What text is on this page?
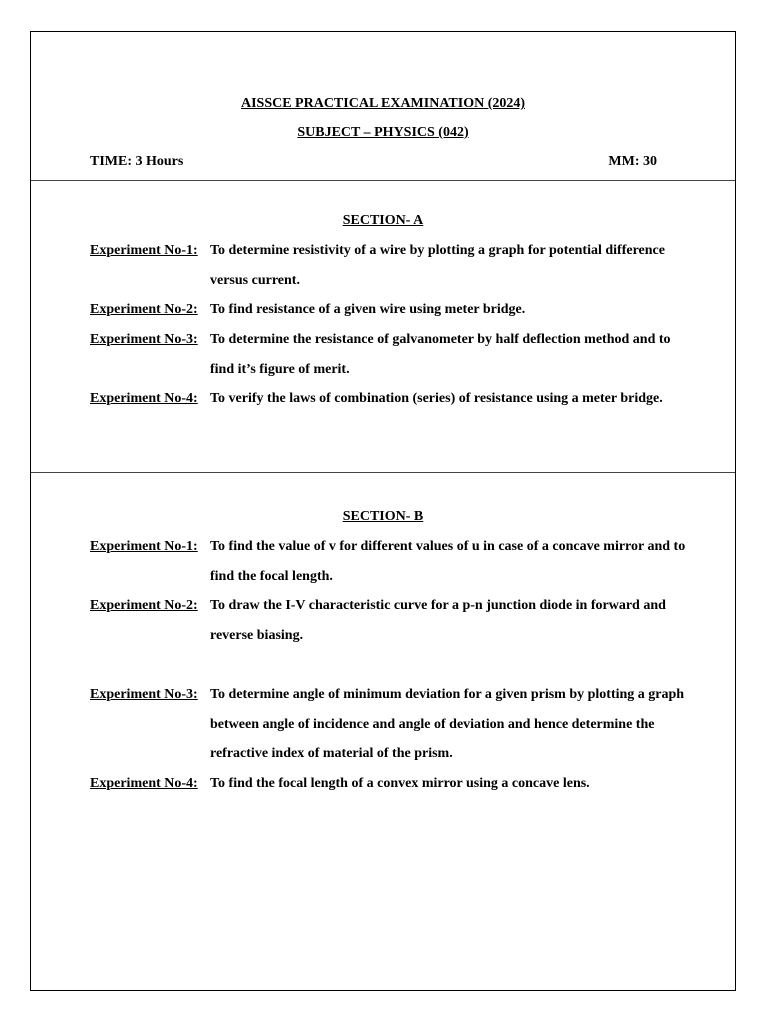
AISSCE PRACTICAL EXAMINATION (2024)
SUBJECT – PHYSICS (042)
TIME: 3 Hours	MM: 30
SECTION- A
Experiment No-1: To determine resistivity of a wire by plotting a graph for potential difference versus current.
Experiment No-2: To find resistance of a given wire using meter bridge.
Experiment No-3: To determine the resistance of galvanometer by half deflection method and to find it’s figure of merit.
Experiment No-4: To verify the laws of combination (series) of resistance using a meter bridge.
SECTION- B
Experiment No-1: To find the value of v for different values of u in case of a concave mirror and to find the focal length.
Experiment No-2: To draw the I-V characteristic curve for a p-n junction diode in forward and reverse biasing.
Experiment No-3: To determine angle of minimum deviation for a given prism by plotting a graph between angle of incidence and angle of deviation and hence determine the refractive index of material of the prism.
Experiment No-4: To find the focal length of a convex mirror using a concave lens.
